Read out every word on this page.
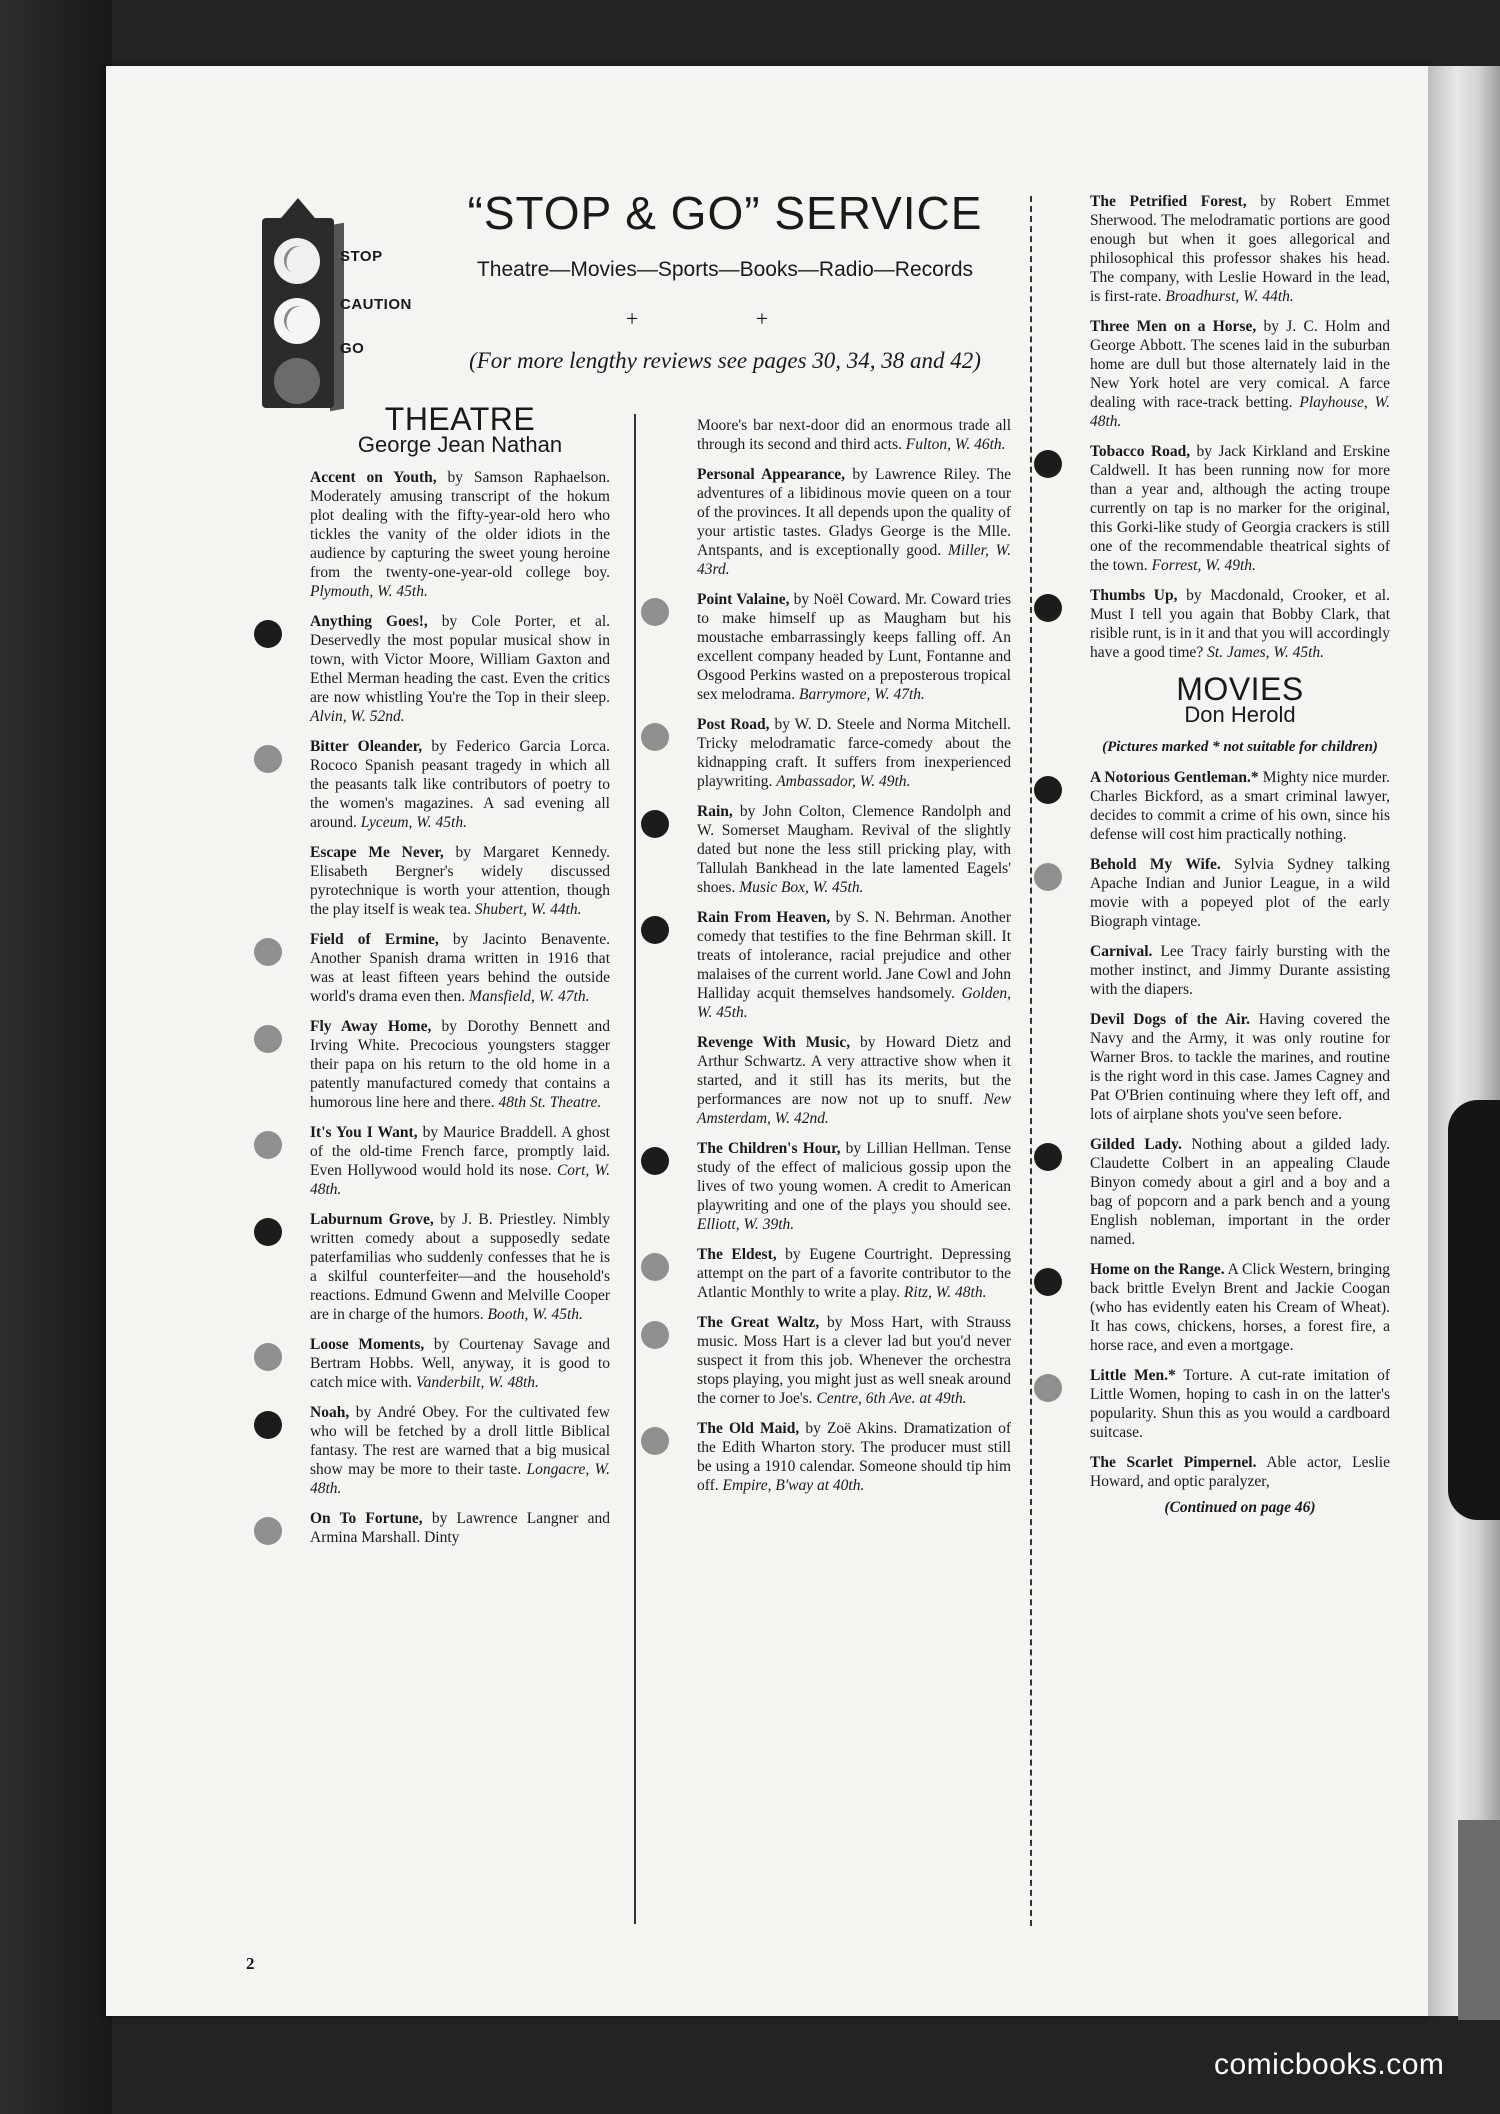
STOP
CAUTION
GO
“STOP & GO” SERVICE
Theatre—Movies—Sports—Books—Radio—Records
+ +
(For more lengthy reviews see pages 30, 34, 38 and 42)
THEATRE
George Jean Nathan
Accent on Youth, by Samson Raphaelson. Moderately amusing transcript of the hokum plot dealing with the fifty-year-old hero who tickles the vanity of the older idiots in the audience by capturing the sweet young heroine from the twenty-one-year-old college boy. Plymouth, W. 45th.
Anything Goes!, by Cole Porter, et al. Deservedly the most popular musical show in town, with Victor Moore, William Gaxton and Ethel Merman heading the cast. Even the critics are now whistling You're the Top in their sleep. Alvin, W. 52nd.
Bitter Oleander, by Federico Garcia Lorca. Rococo Spanish peasant tragedy in which all the peasants talk like contributors of poetry to the women's magazines. A sad evening all around. Lyceum, W. 45th.
Escape Me Never, by Margaret Kennedy. Elisabeth Bergner's widely discussed pyrotechnique is worth your attention, though the play itself is weak tea. Shubert, W. 44th.
Field of Ermine, by Jacinto Benavente. Another Spanish drama written in 1916 that was at least fifteen years behind the outside world's drama even then. Mansfield, W. 47th.
Fly Away Home, by Dorothy Bennett and Irving White. Precocious youngsters stagger their papa on his return to the old home in a patently manufactured comedy that contains a humorous line here and there. 48th St. Theatre.
It's You I Want, by Maurice Braddell. A ghost of the old-time French farce, promptly laid. Even Hollywood would hold its nose. Cort, W. 48th.
Laburnum Grove, by J. B. Priestley. Nimbly written comedy about a supposedly sedate paterfamilias who suddenly confesses that he is a skilful counterfeiter—and the household's reactions. Edmund Gwenn and Melville Cooper are in charge of the humors. Booth, W. 45th.
Loose Moments, by Courtenay Savage and Bertram Hobbs. Well, anyway, it is good to catch mice with. Vanderbilt, W. 48th.
Noah, by André Obey. For the cultivated few who will be fetched by a droll little Biblical fantasy. The rest are warned that a big musical show may be more to their taste. Longacre, W. 48th.
On To Fortune, by Lawrence Langner and Armina Marshall. Dinty
Moore's bar next-door did an enormous trade all through its second and third acts. Fulton, W. 46th.
Personal Appearance, by Lawrence Riley. The adventures of a libidinous movie queen on a tour of the provinces. It all depends upon the quality of your artistic tastes. Gladys George is the Mlle. Antspants, and is exceptionally good. Miller, W. 43rd.
Point Valaine, by Noël Coward. Mr. Coward tries to make himself up as Maugham but his moustache embarrassingly keeps falling off. An excellent company headed by Lunt, Fontanne and Osgood Perkins wasted on a preposterous tropical sex melodrama. Barrymore, W. 47th.
Post Road, by W. D. Steele and Norma Mitchell. Tricky melodramatic farce-comedy about the kidnapping craft. It suffers from inexperienced playwriting. Ambassador, W. 49th.
Rain, by John Colton, Clemence Randolph and W. Somerset Maugham. Revival of the slightly dated but none the less still pricking play, with Tallulah Bankhead in the late lamented Eagels' shoes. Music Box, W. 45th.
Rain From Heaven, by S. N. Behrman. Another comedy that testifies to the fine Behrman skill. It treats of intolerance, racial prejudice and other malaises of the current world. Jane Cowl and John Halliday acquit themselves handsomely. Golden, W. 45th.
Revenge With Music, by Howard Dietz and Arthur Schwartz. A very attractive show when it started, and it still has its merits, but the performances are now not up to snuff. New Amsterdam, W. 42nd.
The Children's Hour, by Lillian Hellman. Tense study of the effect of malicious gossip upon the lives of two young women. A credit to American playwriting and one of the plays you should see. Elliott, W. 39th.
The Eldest, by Eugene Courtright. Depressing attempt on the part of a favorite contributor to the Atlantic Monthly to write a play. Ritz, W. 48th.
The Great Waltz, by Moss Hart, with Strauss music. Moss Hart is a clever lad but you'd never suspect it from this job. Whenever the orchestra stops playing, you might just as well sneak around the corner to Joe's. Centre, 6th Ave. at 49th.
The Old Maid, by Zoë Akins. Dramatization of the Edith Wharton story. The producer must still be using a 1910 calendar. Someone should tip him off. Empire, B'way at 40th.
The Petrified Forest, by Robert Emmet Sherwood. The melodramatic portions are good enough but when it goes allegorical and philosophical this professor shakes his head. The company, with Leslie Howard in the lead, is first-rate. Broadhurst, W. 44th.
Three Men on a Horse, by J. C. Holm and George Abbott. The scenes laid in the suburban home are dull but those alternately laid in the New York hotel are very comical. A farce dealing with race-track betting. Playhouse, W. 48th.
Tobacco Road, by Jack Kirkland and Erskine Caldwell. It has been running now for more than a year and, although the acting troupe currently on tap is no marker for the original, this Gorki-like study of Georgia crackers is still one of the recommendable theatrical sights of the town. Forrest, W. 49th.
Thumbs Up, by Macdonald, Crooker, et al. Must I tell you again that Bobby Clark, that risible runt, is in it and that you will accordingly have a good time? St. James, W. 45th.
MOVIES
Don Herold
(Pictures marked * not suitable for children)
A Notorious Gentleman.* Mighty nice murder. Charles Bickford, as a smart criminal lawyer, decides to commit a crime of his own, since his defense will cost him practically nothing.
Behold My Wife. Sylvia Sydney talking Apache Indian and Junior League, in a wild movie with a popeyed plot of the early Biograph vintage.
Carnival. Lee Tracy fairly bursting with the mother instinct, and Jimmy Durante assisting with the diapers.
Devil Dogs of the Air. Having covered the Navy and the Army, it was only routine for Warner Bros. to tackle the marines, and routine is the right word in this case. James Cagney and Pat O'Brien continuing where they left off, and lots of airplane shots you've seen before.
Gilded Lady. Nothing about a gilded lady. Claudette Colbert in an appealing Claude Binyon comedy about a girl and a boy and a bag of popcorn and a park bench and a young English nobleman, important in the order named.
Home on the Range. A Click Western, bringing back brittle Evelyn Brent and Jackie Coogan (who has evidently eaten his Cream of Wheat). It has cows, chickens, horses, a forest fire, a horse race, and even a mortgage.
Little Men.* Torture. A cut-rate imitation of Little Women, hoping to cash in on the latter's popularity. Shun this as you would a cardboard suitcase.
The Scarlet Pimpernel. Able actor, Leslie Howard, and optic paralyzer,
(Continued on page 46)
2
comicbooks.com
